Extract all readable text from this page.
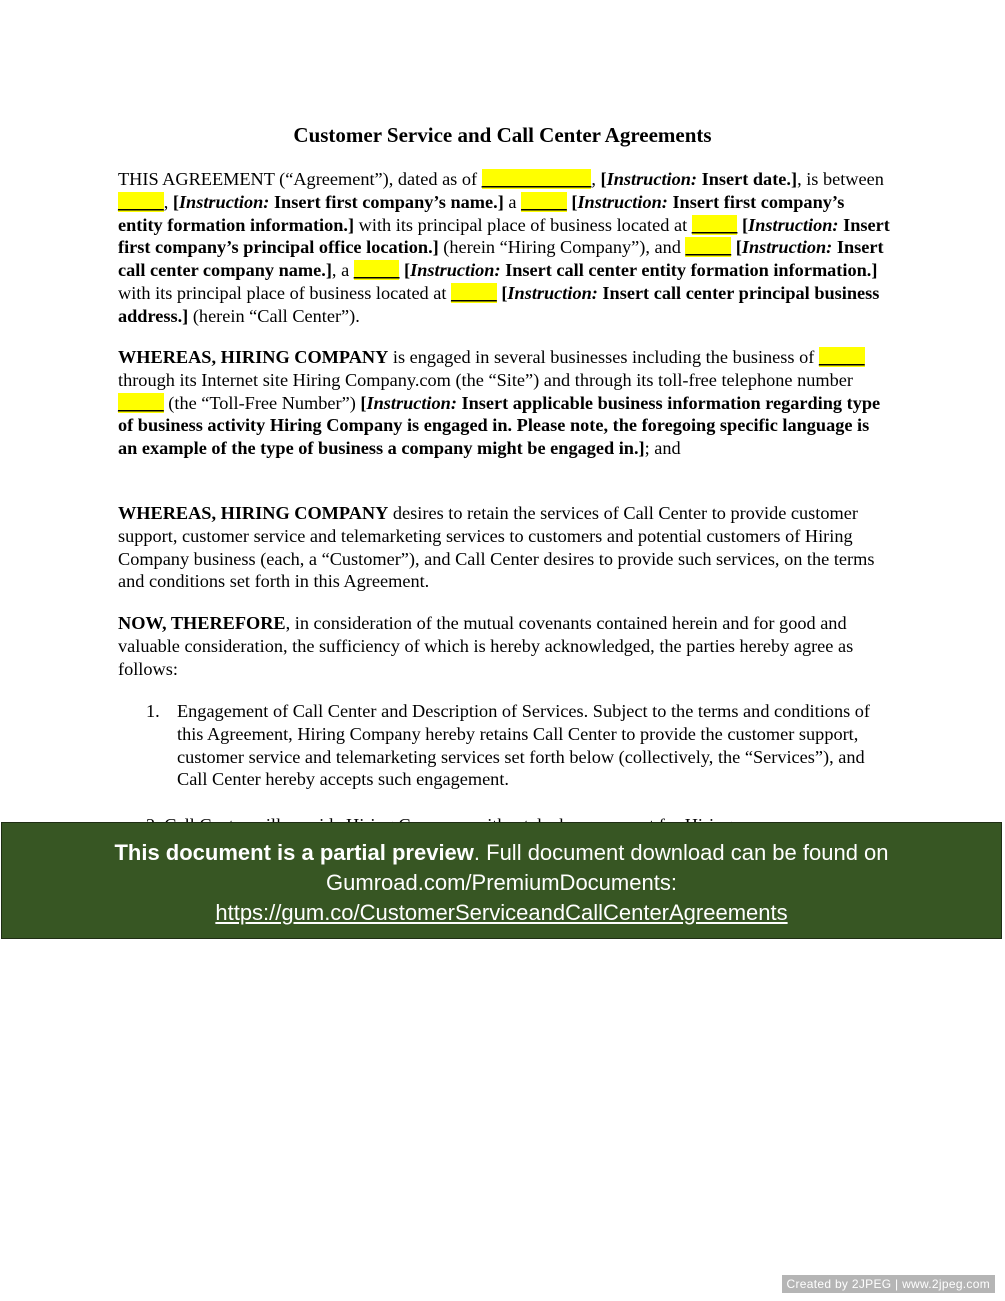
Customer Service and Call Center Agreements
THIS AGREEMENT (“Agreement”), dated as of ____________, [Instruction: Insert date.], is between _____, [Instruction: Insert first company’s name.] a _____ [Instruction: Insert first company’s entity formation information.] with its principal place of business located at _____ [Instruction: Insert first company’s principal office location.] (herein “Hiring Company”), and _____ [Instruction: Insert call center company name.], a _____ [Instruction: Insert call center entity formation information.] with its principal place of business located at _____ [Instruction: Insert call center principal business address.] (herein “Call Center”).
WHEREAS, HIRING COMPANY is engaged in several businesses including the business of _____ through its Internet site Hiring Company.com (the “Site”) and through its toll-free telephone number _____ (the “Toll-Free Number”) [Instruction: Insert applicable business information regarding type of business activity Hiring Company is engaged in. Please note, the foregoing specific language is an example of the type of business a company might be engaged in.]; and
WHEREAS, HIRING COMPANY desires to retain the services of Call Center to provide customer support, customer service and telemarketing services to customers and potential customers of Hiring Company business (each, a “Customer”), and Call Center desires to provide such services, on the terms and conditions set forth in this Agreement.
NOW, THEREFORE, in consideration of the mutual covenants contained herein and for good and valuable consideration, the sufficiency of which is hereby acknowledged, the parties hereby agree as follows:
1. Engagement of Call Center and Description of Services. Subject to the terms and conditions of this Agreement, Hiring Company hereby retains Call Center to provide the customer support, customer service and telemarketing services set forth below (collectively, the “Services”), and Call Center hereby accepts such engagement.
This document is a partial preview. Full document download can be found on Gumroad.com/PremiumDocuments:
https://gum.co/CustomerServiceandCallCenterAgreements
Created by 2JPEG | www.2jpeg.com
